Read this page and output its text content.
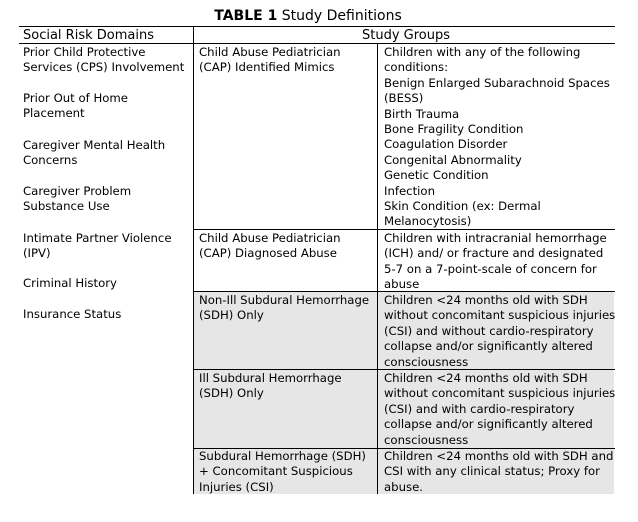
TABLE 1 Study Definitions
Social Risk Domains	Study Groups
Prior Child Protective
Services (CPS) Involvement
Prior Out of Home
Placement
Caregiver Mental Health
Concerns
Caregiver Problem
Substance Use
Intimate Partner Violence
(IPV)
Criminal History
Insurance Status
Child Abuse Pediatrician
(CAP) Identified Mimics
Children with any of the following
conditions:
Benign Enlarged Subarachnoid Spaces
(BESS)
Birth Trauma
Bone Fragility Condition
Coagulation Disorder
Congenital Abnormality
Genetic Condition
Infection
Skin Condition (ex: Dermal
Melanocytosis)
Child Abuse Pediatrician
(CAP) Diagnosed Abuse
Children with intracranial hemorrhage
(ICH) and/ or fracture and designated
5-7 on a 7-point-scale of concern for
abuse
Non-Ill Subdural Hemorrhage
(SDH) Only
Children <24 months old with SDH
without concomitant suspicious injuries
(CSI) and without cardio-respiratory
collapse and/or significantly altered
consciousness
Ill Subdural Hemorrhage
(SDH) Only
Children <24 months old with SDH
without concomitant suspicious injuries
(CSI) and with cardio-respiratory
collapse and/or significantly altered
consciousness
Subdural Hemorrhage (SDH)
+ Concomitant Suspicious
Injuries (CSI)
Children <24 months old with SDH and
CSI with any clinical status; Proxy for
abuse.
